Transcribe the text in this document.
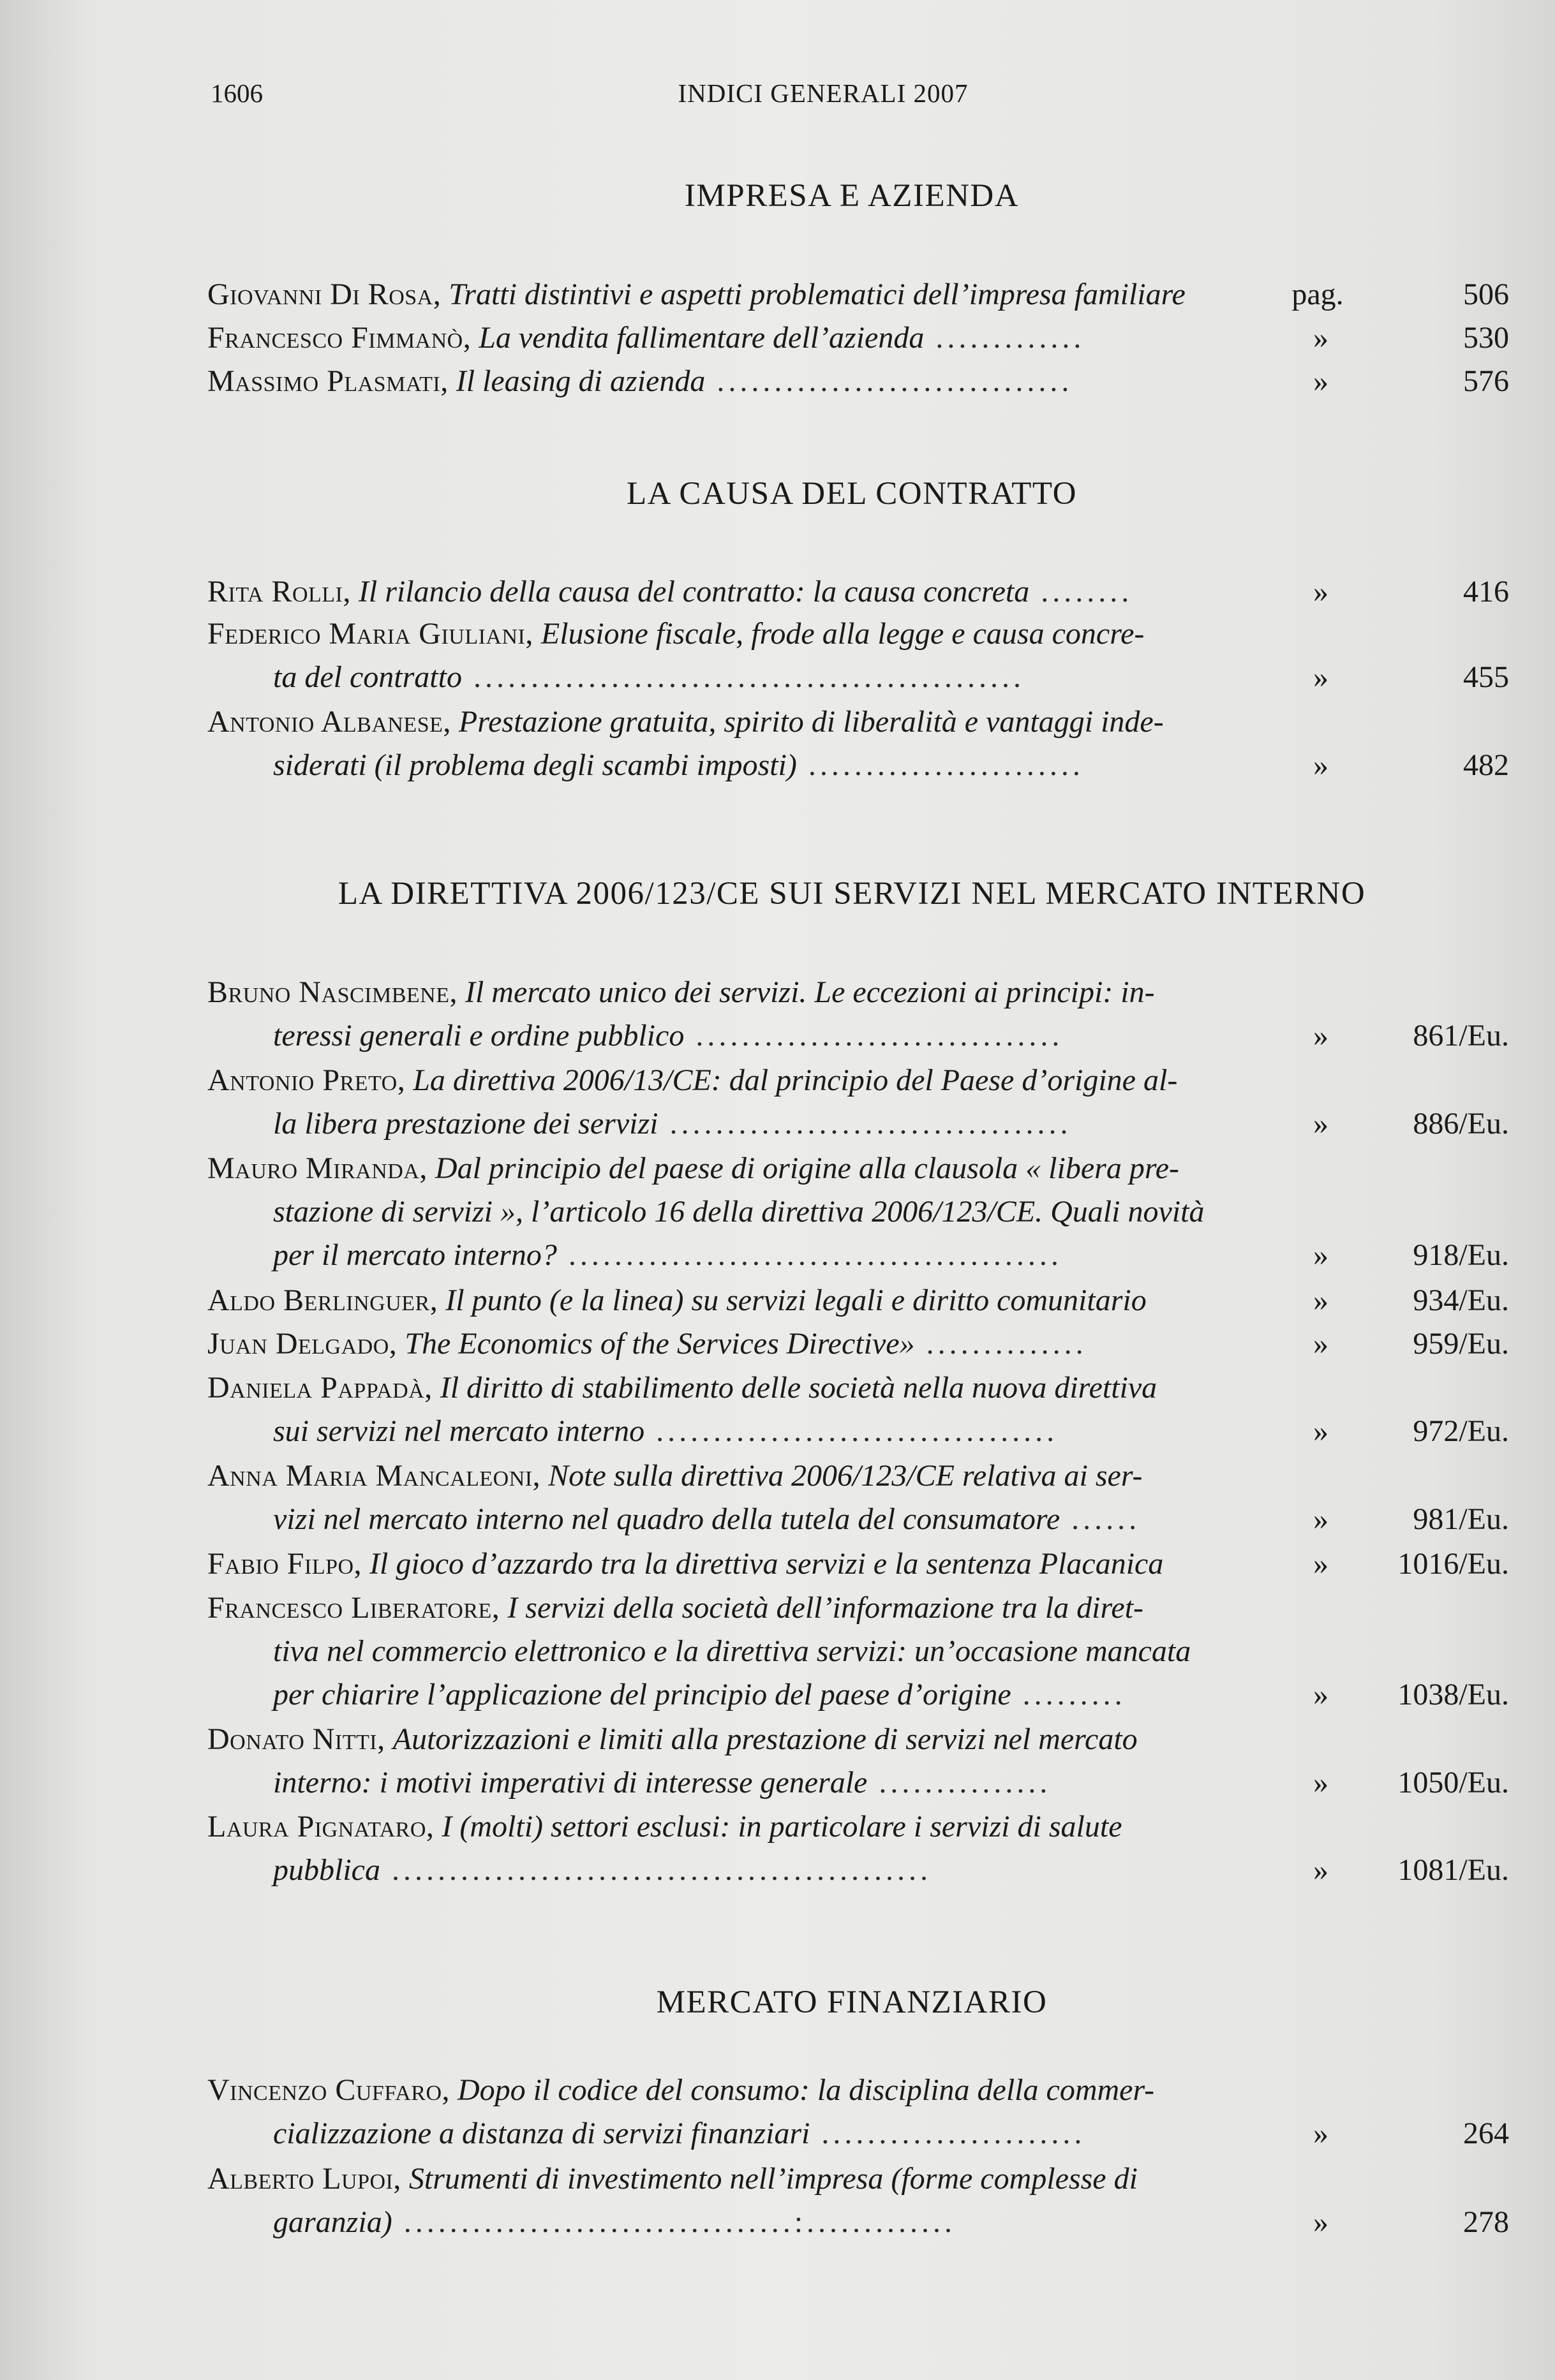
1606	INDICI GENERALI 2007
IMPRESA E AZIENDA
Giovanni Di Rosa, Tratti distintivi e aspetti problematici dell’impresa familiare	pag.	506
Francesco Fimmanò, La vendita fallimentare dell’azienda .............	»	530
Massimo Plasmati, Il leasing di azienda ...............................	»	576
LA CAUSA DEL CONTRATTO
Rita Rolli, Il rilancio della causa del contratto: la causa concreta ........	»	416
Federico Maria Giuliani, Elusione fiscale, frode alla legge e causa concre-
ta del contratto ................................................	»	455
Antonio Albanese, Prestazione gratuita, spirito di liberalità e vantaggi inde-
siderati (il problema degli scambi imposti) ........................	»	482
LA DIRETTIVA 2006/123/CE SUI SERVIZI NEL MERCATO INTERNO
Bruno Nascimbene, Il mercato unico dei servizi. Le eccezioni ai principi: in-
teressi generali e ordine pubblico ................................	»	861/Eu.
Antonio Preto, La direttiva 2006/13/CE: dal principio del Paese d’origine al-
la libera prestazione dei servizi ...................................	»	886/Eu.
Mauro Miranda, Dal principio del paese di origine alla clausola « libera pre-
stazione di servizi », l’articolo 16 della direttiva 2006/123/CE. Quali novità
per il mercato interno? ...........................................	»	918/Eu.
Aldo Berlinguer, Il punto (e la linea) su servizi legali e diritto comunitario	»	934/Eu.
Juan Delgado, The Economics of the Services Directive» ..............	»	959/Eu.
Daniela Pappadà, Il diritto di stabilimento delle società nella nuova direttiva
sui servizi nel mercato interno ...................................	»	972/Eu.
Anna Maria Mancaleoni, Note sulla direttiva 2006/123/CE relativa ai ser-
vizi nel mercato interno nel quadro della tutela del consumatore ......	»	981/Eu.
Fabio Filpo, Il gioco d’azzardo tra la direttiva servizi e la sentenza Placanica	»	1016/Eu.
Francesco Liberatore, I servizi della società dell’informazione tra la diret-
tiva nel commercio elettronico e la direttiva servizi: un’occasione mancata
per chiarire l’applicazione del principio del paese d’origine .........	»	1038/Eu.
Donato Nitti, Autorizzazioni e limiti alla prestazione di servizi nel mercato
interno: i motivi imperativi di interesse generale ...............	»	1050/Eu.
Laura Pignataro, I (molti) settori esclusi: in particolare i servizi di salute
pubblica ...............................................	»	1081/Eu.
MERCATO FINANZIARIO
Vincenzo Cuffaro, Dopo il codice del consumo: la disciplina della commer-
cializzazione a distanza di servizi finanziari .......................	»	264
Alberto Lupoi, Strumenti di investimento nell’impresa (forme complesse di
garanzia) ..................................:.............	»	278
